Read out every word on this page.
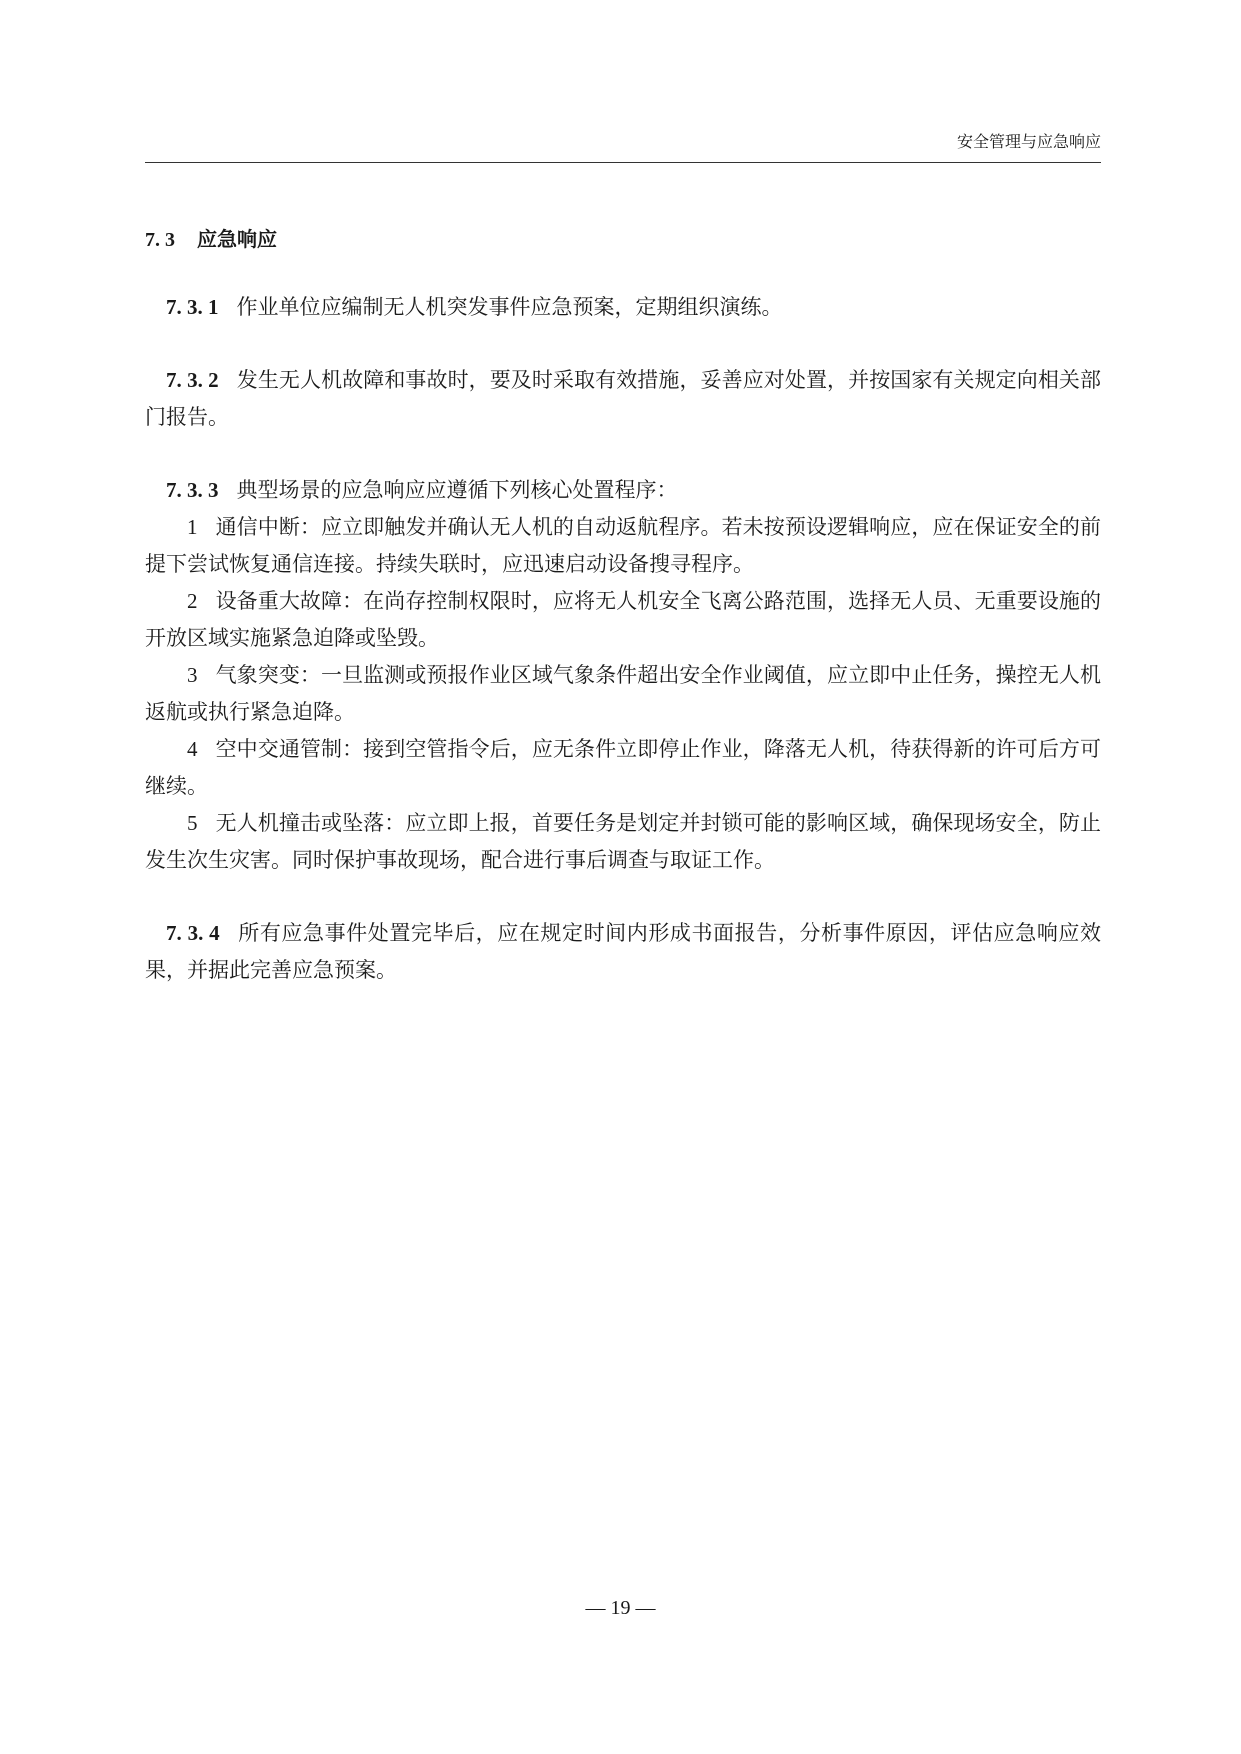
安全管理与应急响应

7. 3 应急响应

7. 3. 1 作业单位应编制无人机突发事件应急预案，定期组织演练。

7. 3. 2 发生无人机故障和事故时，要及时采取有效措施，妥善应对处置，并按国家有关规定向相关部门报告。

7. 3. 3 典型场景的应急响应应遵循下列核心处置程序：

1 通信中断：应立即触发并确认无人机的自动返航程序。若未按预设逻辑响应，应在保证安全的前提下尝试恢复通信连接。持续失联时，应迅速启动设备搜寻程序。

2 设备重大故障：在尚存控制权限时，应将无人机安全飞离公路范围，选择无人员、无重要设施的开放区域实施紧急迫降或坠毁。

3 气象突变：一旦监测或预报作业区域气象条件超出安全作业阈值，应立即中止任务，操控无人机返航或执行紧急迫降。

4 空中交通管制：接到空管指令后，应无条件立即停止作业，降落无人机，待获得新的许可后方可继续。

5 无人机撞击或坠落：应立即上报，首要任务是划定并封锁可能的影响区域，确保现场安全，防止发生次生灾害。同时保护事故现场，配合进行事后调查与取证工作。

7. 3. 4 所有应急事件处置完毕后，应在规定时间内形成书面报告，分析事件原因，评估应急响应效果，并据此完善应急预案。

— 19 —
